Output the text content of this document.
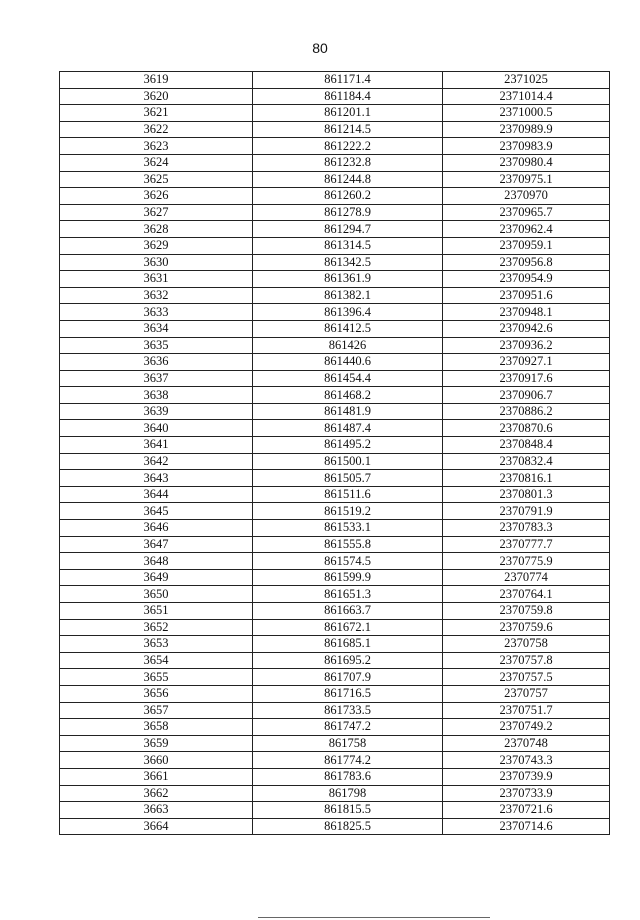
80
3619	861171.4	2371025
3620	861184.4	2371014.4
3621	861201.1	2371000.5
3622	861214.5	2370989.9
3623	861222.2	2370983.9
3624	861232.8	2370980.4
3625	861244.8	2370975.1
3626	861260.2	2370970
3627	861278.9	2370965.7
3628	861294.7	2370962.4
3629	861314.5	2370959.1
3630	861342.5	2370956.8
3631	861361.9	2370954.9
3632	861382.1	2370951.6
3633	861396.4	2370948.1
3634	861412.5	2370942.6
3635	861426	2370936.2
3636	861440.6	2370927.1
3637	861454.4	2370917.6
3638	861468.2	2370906.7
3639	861481.9	2370886.2
3640	861487.4	2370870.6
3641	861495.2	2370848.4
3642	861500.1	2370832.4
3643	861505.7	2370816.1
3644	861511.6	2370801.3
3645	861519.2	2370791.9
3646	861533.1	2370783.3
3647	861555.8	2370777.7
3648	861574.5	2370775.9
3649	861599.9	2370774
3650	861651.3	2370764.1
3651	861663.7	2370759.8
3652	861672.1	2370759.6
3653	861685.1	2370758
3654	861695.2	2370757.8
3655	861707.9	2370757.5
3656	861716.5	2370757
3657	861733.5	2370751.7
3658	861747.2	2370749.2
3659	861758	2370748
3660	861774.2	2370743.3
3661	861783.6	2370739.9
3662	861798	2370733.9
3663	861815.5	2370721.6
3664	861825.5	2370714.6
